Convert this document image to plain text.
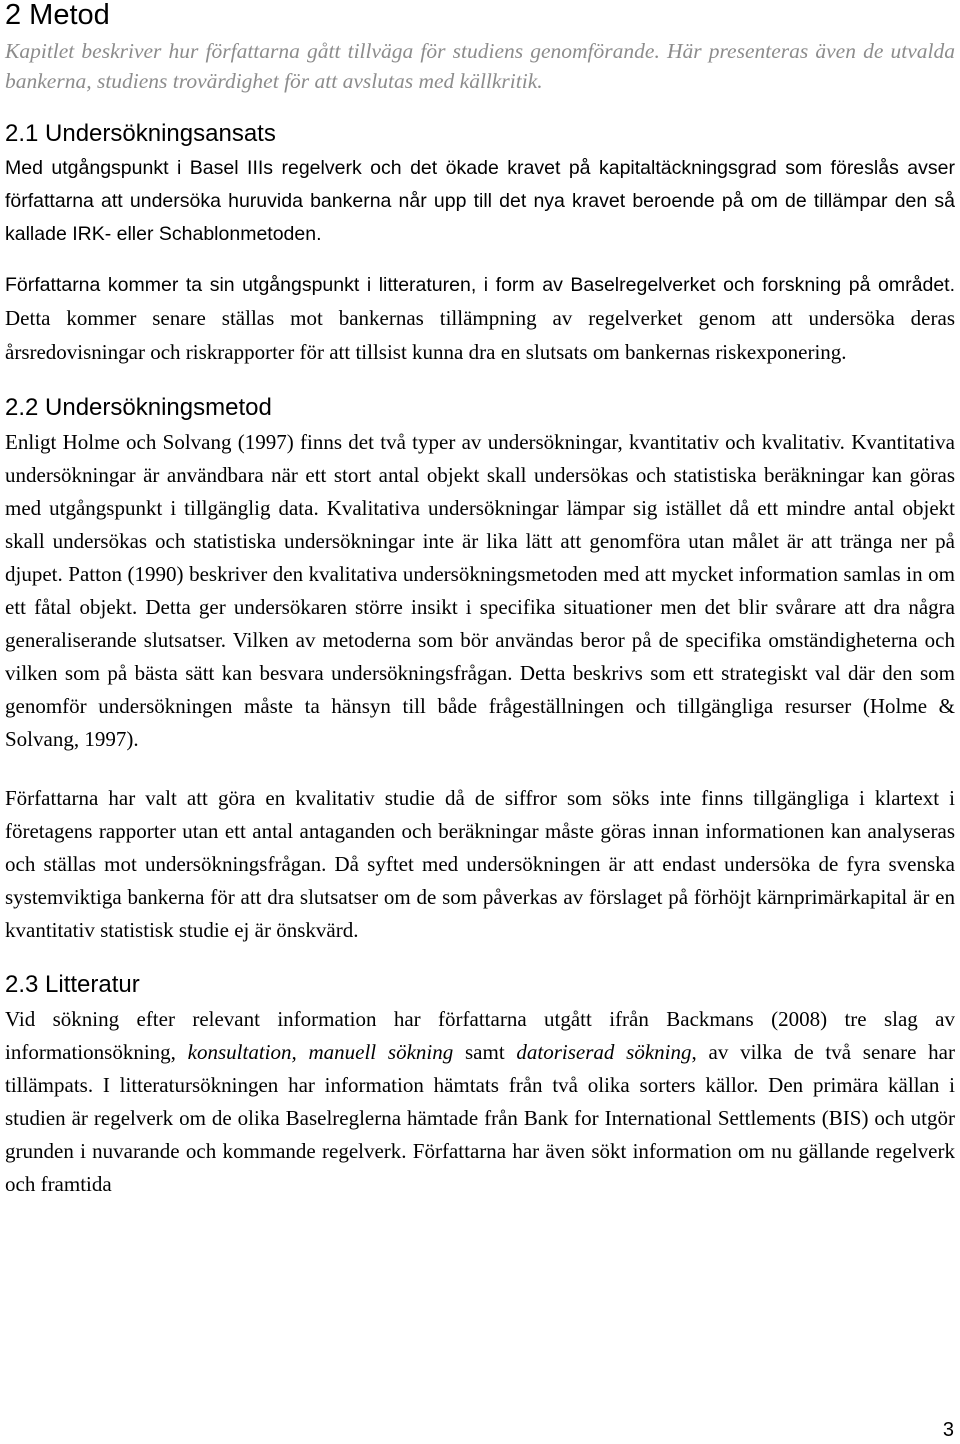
2 Metod

Kapitlet beskriver hur författarna gått tillväga för studiens genomförande. Här presenteras även de utvalda bankerna, studiens trovärdighet för att avslutas med källkritik.

2.1 Undersökningsansats

Med utgångspunkt i Basel IIIs regelverk och det ökade kravet på kapitaltäckningsgrad som föreslås avser författarna att undersöka huruvida bankerna når upp till det nya kravet beroende på om de tillämpar den så kallade IRK- eller Schablonmetoden.

Författarna kommer ta sin utgångspunkt i litteraturen, i form av Baselregelverket och forskning på området. Detta kommer senare ställas mot bankernas tillämpning av regelverket genom att undersöka deras årsredovisningar och riskrapporter för att tillsist kunna dra en slutsats om bankernas riskexponering.

2.2 Undersökningsmetod

Enligt Holme och Solvang (1997) finns det två typer av undersökningar, kvantitativ och kvalitativ. Kvantitativa undersökningar är användbara när ett stort antal objekt skall undersökas och statistiska beräkningar kan göras med utgångspunkt i tillgänglig data. Kvalitativa undersökningar lämpar sig istället då ett mindre antal objekt skall undersökas och statistiska undersökningar inte är lika lätt att genomföra utan målet är att tränga ner på djupet. Patton (1990) beskriver den kvalitativa undersökningsmetoden med att mycket information samlas in om ett fåtal objekt. Detta ger undersökaren större insikt i specifika situationer men det blir svårare att dra några generaliserande slutsatser. Vilken av metoderna som bör användas beror på de specifika omständigheterna och vilken som på bästa sätt kan besvara undersökningsfrågan. Detta beskrivs som ett strategiskt val där den som genomför undersökningen måste ta hänsyn till både frågeställningen och tillgängliga resurser (Holme & Solvang, 1997).

Författarna har valt att göra en kvalitativ studie då de siffror som söks inte finns tillgängliga i klartext i företagens rapporter utan ett antal antaganden och beräkningar måste göras innan informationen kan analyseras och ställas mot undersökningsfrågan. Då syftet med undersökningen är att endast undersöka de fyra svenska systemviktiga bankerna för att dra slutsatser om de som påverkas av förslaget på förhöjt kärnprimärkapital är en kvantitativ statistisk studie ej är önskvärd.

2.3 Litteratur

Vid sökning efter relevant information har författarna utgått ifrån Backmans (2008) tre slag av informationsökning, konsultation, manuell sökning samt datoriserad sökning, av vilka de två senare har tillämpats. I litteratursökningen har information hämtats från två olika sorters källor. Den primära källan i studien är regelverk om de olika Baselreglerna hämtade från Bank for International Settlements (BIS) och utgör grunden i nuvarande och kommande regelverk. Författarna har även sökt information om nu gällande regelverk och framtida

3
